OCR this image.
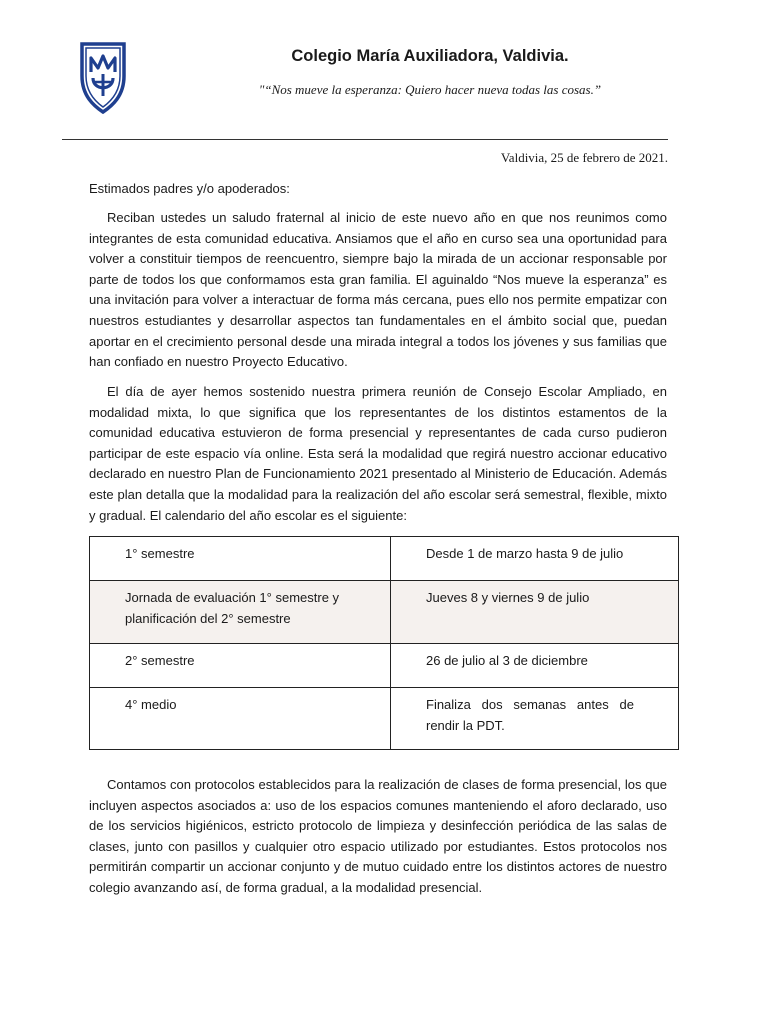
Colegio María Auxiliadora, Valdivia.
"“Nos mueve la esperanza: Quiero hacer nueva todas las cosas.”
Valdivia, 25 de febrero de 2021.
Estimados padres y/o apoderados:

Reciban ustedes un saludo fraternal al inicio de este nuevo año en que nos reunimos como integrantes de esta comunidad educativa. Ansiamos que el año en curso sea una oportunidad para volver a constituir tiempos de reencuentro, siempre bajo la mirada de un accionar responsable por parte de todos los que conformamos esta gran familia. El aguinaldo “Nos mueve la esperanza” es una invitación para volver a interactuar de forma más cercana, pues ello nos permite empatizar con nuestros estudiantes y desarrollar aspectos tan fundamentales en el ámbito social que, puedan aportar en el crecimiento personal desde una mirada integral a todos los jóvenes y sus familias que han confiado en nuestro Proyecto Educativo.

El día de ayer hemos sostenido nuestra primera reunión de Consejo Escolar Ampliado, en modalidad mixta, lo que significa que los representantes de los distintos estamentos de la comunidad educativa estuvieron de forma presencial y representantes de cada curso pudieron participar de este espacio vía online. Esta será la modalidad que regirá nuestro accionar educativo declarado en nuestro Plan de Funcionamiento 2021 presentado al Ministerio de Educación. Además este plan detalla que la modalidad para la realización del año escolar será semestral, flexible, mixto y gradual. El calendario del año escolar es el siguiente:

1° semestre	Desde 1 de marzo hasta 9 de julio
Jornada de evaluación 1° semestre y planificación del 2° semestre	Jueves 8 y viernes 9 de julio
2° semestre	26 de julio al 3 de diciembre
4° medio	Finaliza dos semanas antes de rendir la PDT.

Contamos con protocolos establecidos para la realización de clases de forma presencial, los que incluyen aspectos asociados a: uso de los espacios comunes manteniendo el aforo declarado, uso de los servicios higiénicos, estricto protocolo de limpieza y desinfección periódica de las salas de clases, junto con pasillos y cualquier otro espacio utilizado por estudiantes. Estos protocolos nos permitirán compartir un accionar conjunto y de mutuo cuidado entre los distintos actores de nuestro colegio avanzando así, de forma gradual, a la modalidad presencial.
